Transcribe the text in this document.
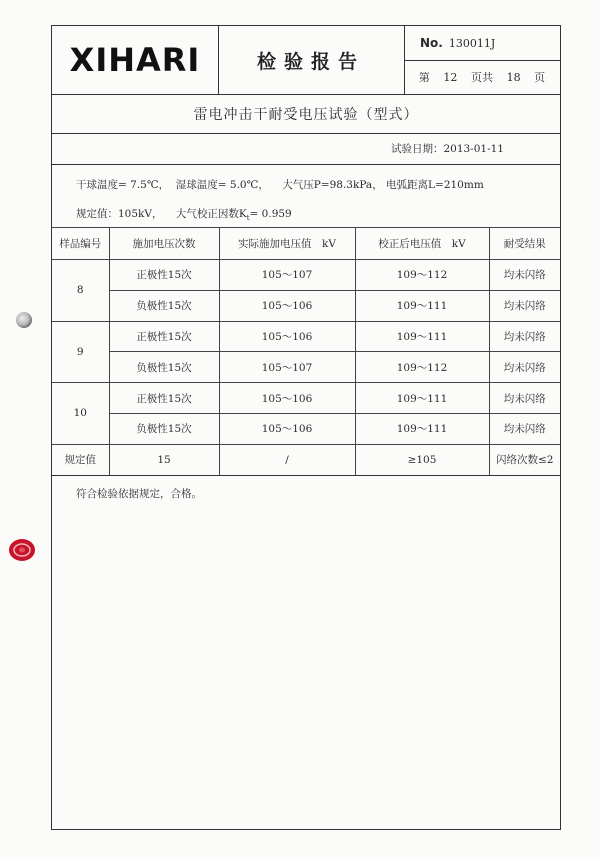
XIHARI	检验报告
No. 130011J
第 12 页共 18 页
雷电冲击干耐受电压试验（型式）
试验日期： 2013-01-11
干球温度= 7.5℃， 湿球温度= 5.0℃， 大气压P=98.3kPa， 电弧距离L=210mm
规定值：105kV， 大气校正因数$K_t= 0.959$
样品编号	施加电压次数	实际施加电压值　kV	校正后电压值　kV	耐受结果
8	正极性15次	105～107	109～112	均未闪络
	负极性15次	105～106	109～111	均未闪络
9	正极性15次	105～106	109～111	均未闪络
	负极性15次	105～107	109～112	均未闪络
10	正极性15次	105～106	109～111	均未闪络
	负极性15次	105～106	109～111	均未闪络
规定值	15	/	≥105	闪络次数≤2
符合检验依据规定，合格。
